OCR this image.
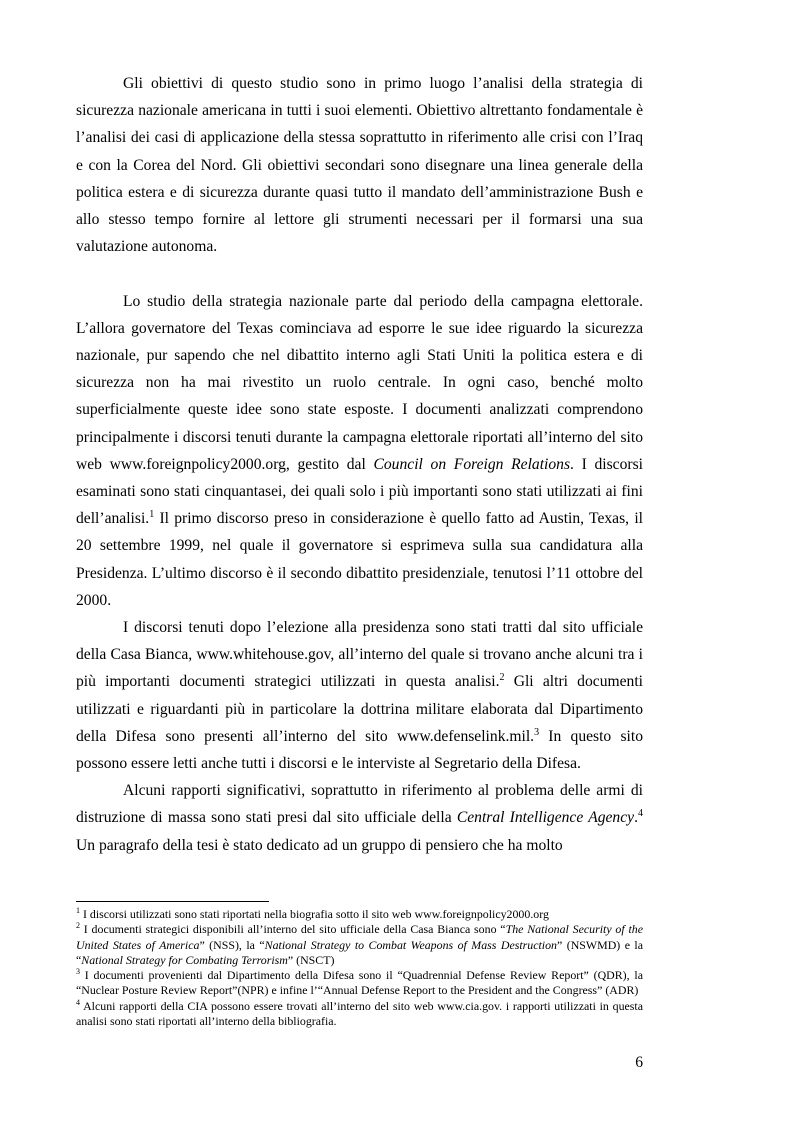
Gli obiettivi di questo studio sono in primo luogo l’analisi della strategia di sicurezza nazionale americana in tutti i suoi elementi. Obiettivo altrettanto fondamentale è l’analisi dei casi di applicazione della stessa soprattutto in riferimento alle crisi con l’Iraq e con la Corea del Nord. Gli obiettivi secondari sono disegnare una linea generale della politica estera e di sicurezza durante quasi tutto il mandato dell’amministrazione Bush e allo stesso tempo fornire al lettore gli strumenti necessari per il formarsi una sua valutazione autonoma.

Lo studio della strategia nazionale parte dal periodo della campagna elettorale. L’allora governatore del Texas cominciava ad esporre le sue idee riguardo la sicurezza nazionale, pur sapendo che nel dibattito interno agli Stati Uniti la politica estera e di sicurezza non ha mai rivestito un ruolo centrale. In ogni caso, benché molto superficialmente queste idee sono state esposte. I documenti analizzati comprendono principalmente i discorsi tenuti durante la campagna elettorale riportati all’interno del sito web www.foreignpolicy2000.org, gestito dal Council on Foreign Relations. I discorsi esaminati sono stati cinquantasei, dei quali solo i più importanti sono stati utilizzati ai fini dell’analisi.$^1$ Il primo discorso preso in considerazione è quello fatto ad Austin, Texas, il 20 settembre 1999, nel quale il governatore si esprimeva sulla sua candidatura alla Presidenza. L’ultimo discorso è il secondo dibattito presidenziale, tenutosi l’11 ottobre del 2000.

I discorsi tenuti dopo l’elezione alla presidenza sono stati tratti dal sito ufficiale della Casa Bianca, www.whitehouse.gov, all’interno del quale si trovano anche alcuni tra i più importanti documenti strategici utilizzati in questa analisi.$^2$ Gli altri documenti utilizzati e riguardanti più in particolare la dottrina militare elaborata dal Dipartimento della Difesa sono presenti all’interno del sito www.defenselink.mil.$^3$ In questo sito possono essere letti anche tutti i discorsi e le interviste al Segretario della Difesa.

Alcuni rapporti significativi, soprattutto in riferimento al problema delle armi di distruzione di massa sono stati presi dal sito ufficiale della Central Intelligence Agency.$^4$ Un paragrafo della tesi è stato dedicato ad un gruppo di pensiero che ha molto

$^1$ I discorsi utilizzati sono stati riportati nella biografia sotto il sito web www.foreignpolicy2000.org

$^2$ I documenti strategici disponibili all’interno del sito ufficiale della Casa Bianca sono “The National Security of the United States of America” (NSS), la “National Strategy to Combat Weapons of Mass Destruction” (NSWMD) e la “National Strategy for Combating Terrorism” (NSCT)

$^3$ I documenti provenienti dal Dipartimento della Difesa sono il “Quadrennial Defense Review Report” (QDR), la “Nuclear Posture Review Report”(NPR) e infine l’“Annual Defense Report to the President and the Congress” (ADR)

$^4$ Alcuni rapporti della CIA possono essere trovati all’interno del sito web www.cia.gov. i rapporti utilizzati in questa analisi sono stati riportati all’interno della bibliografia.

6
